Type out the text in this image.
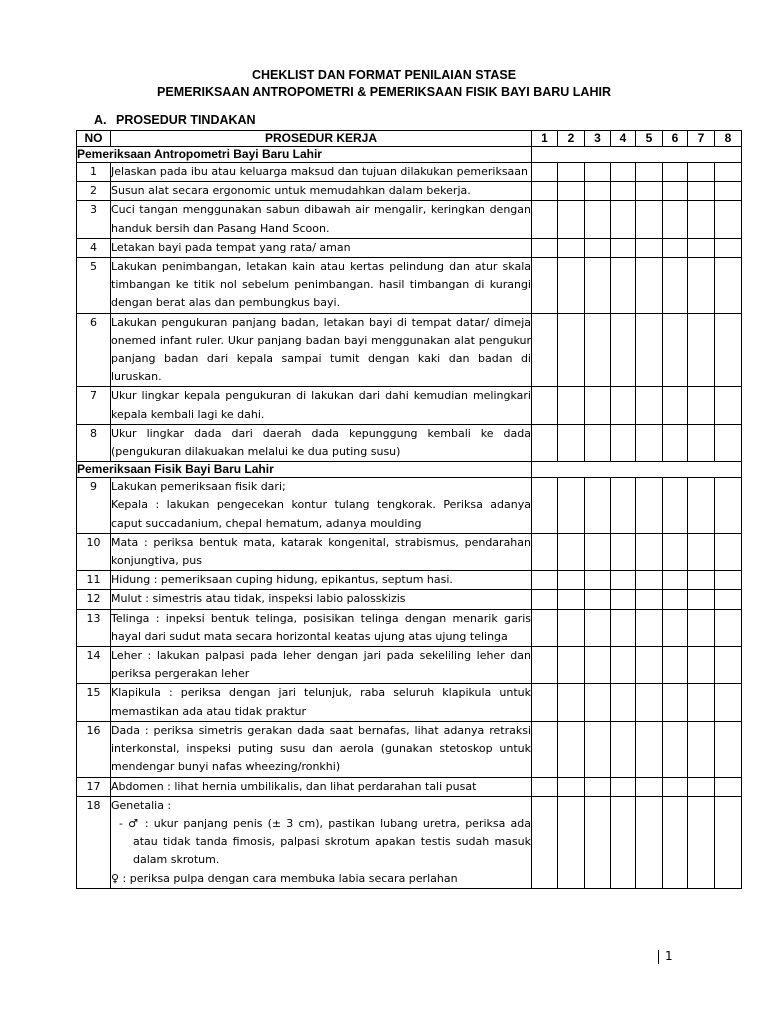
CHEKLIST DAN FORMAT PENILAIAN STASE
PEMERIKSAAN ANTROPOMETRI & PEMERIKSAAN FISIK BAYI BARU LAHIR
A. PROSEDUR TINDAKAN
NO	PROSEDUR KERJA	1	2	3	4	5	6	7	8
Pemeriksaan Antropometri Bayi Baru Lahir									
1	Jelaskan pada ibu atau keluarga maksud dan tujuan dilakukan pemeriksaan								
2	Susun alat secara ergonomic untuk memudahkan dalam bekerja.								
3	Cuci tangan menggunakan sabun dibawah air mengalir, keringkan dengan handuk bersih dan Pasang Hand Scoon.								
4	Letakan bayi pada tempat yang rata/ aman								
5	Lakukan penimbangan, letakan kain atau kertas pelindung dan atur skala timbangan ke titik nol sebelum penimbangan. hasil timbangan di kurangi dengan berat alas dan pembungkus bayi.								
6	Lakukan pengukuran panjang badan, letakan bayi di tempat datar/ dimeja onemed infant ruler. Ukur panjang badan bayi menggunakan alat pengukur panjang badan dari kepala sampai tumit dengan kaki dan badan di luruskan.								
7	Ukur lingkar kepala pengukuran di lakukan dari dahi kemudian melingkari kepala kembali lagi ke dahi.								
8	Ukur lingkar dada dari daerah dada kepunggung kembali ke dada (pengukuran dilakuakan melalui ke dua puting susu)								
Pemeriksaan Fisik Bayi Baru Lahir									
9	Lakukan pemeriksaan fisik dari;
Kepala : lakukan pengecekan kontur tulang tengkorak. Periksa adanya caput succadanium, chepal hematum, adanya moulding								

10	Mata : periksa bentuk mata, katarak kongenital, strabismus, pendarahan konjungtiva, pus								
11	Hidung : pemeriksaan cuping hidung, epikantus, septum hasi.								
12	Mulut : simestris atau tidak, inspeksi labio palosskizis								
13	Telinga : inpeksi bentuk telinga, posisikan telinga dengan menarik garis hayal dari sudut mata secara horizontal keatas ujung atas ujung telinga								
14	Leher : lakukan palpasi pada leher dengan jari pada sekeliling leher dan periksa pergerakan leher								
15	Klapikula : periksa dengan jari telunjuk, raba seluruh klapikula untuk memastikan ada atau tidak praktur								
16	Dada : periksa simetris gerakan dada saat bernafas, lihat adanya retraksi interkonstal, inspeksi puting susu dan aerola (gunakan stetoskop untuk mendengar bunyi nafas wheezing/ronkhi)								
17	Abdomen : lihat hernia umbilikalis, dan lihat perdarahan tali pusat								
18	Genetalia :
- ♂ : ukur panjang penis (± 3 cm), pastikan lubang uretra, periksa ada atau tidak tanda fimosis, palpasi skrotum apakan testis sudah masuk dalam skrotum.
♀ : periksa pulpa dengan cara membuka labia secara perlahan								

1
